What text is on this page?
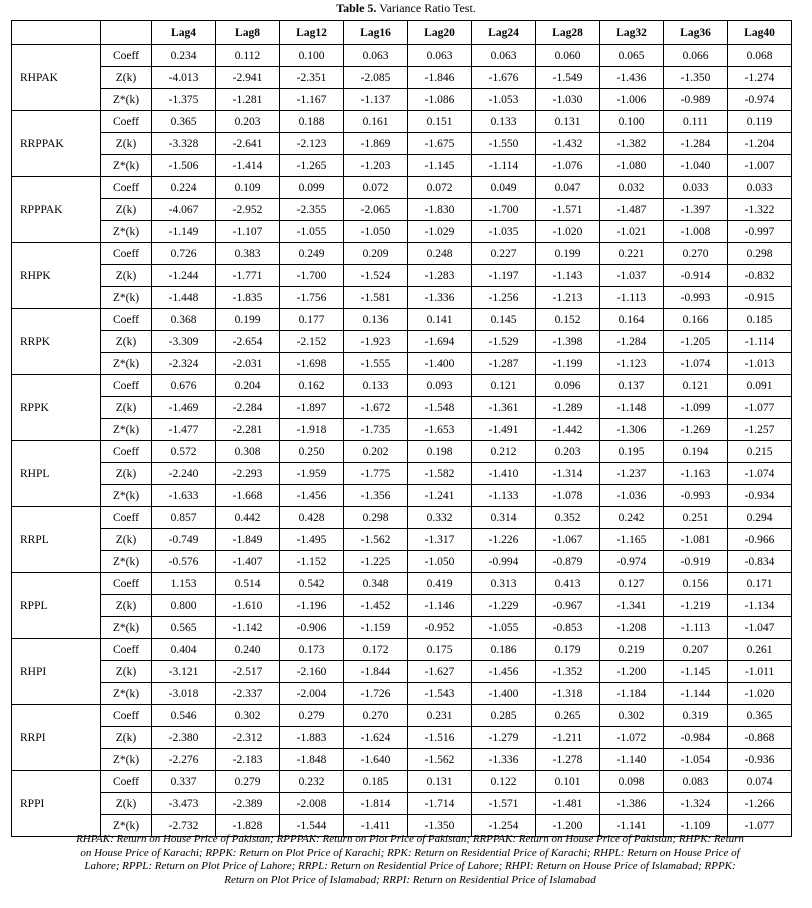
Table 5. Variance Ratio Test.
		Lag4	Lag8	Lag12	Lag16	Lag20	Lag24	Lag28	Lag32	Lag36	Lag40
RHPAK	Coeff	0.234	0.112	0.100	0.063	0.063	0.063	0.060	0.065	0.066	0.068
	Z(k)	-4.013	-2.941	-2.351	-2.085	-1.846	-1.676	-1.549	-1.436	-1.350	-1.274
	Z*(k)	-1.375	-1.281	-1.167	-1.137	-1.086	-1.053	-1.030	-1.006	-0.989	-0.974
RRPPAK	Coeff	0.365	0.203	0.188	0.161	0.151	0.133	0.131	0.100	0.111	0.119
	Z(k)	-3.328	-2.641	-2.123	-1.869	-1.675	-1.550	-1.432	-1.382	-1.284	-1.204
	Z*(k)	-1.506	-1.414	-1.265	-1.203	-1.145	-1.114	-1.076	-1.080	-1.040	-1.007
RPPPAK	Coeff	0.224	0.109	0.099	0.072	0.072	0.049	0.047	0.032	0.033	0.033
	Z(k)	-4.067	-2.952	-2.355	-2.065	-1.830	-1.700	-1.571	-1.487	-1.397	-1.322
	Z*(k)	-1.149	-1.107	-1.055	-1.050	-1.029	-1.035	-1.020	-1.021	-1.008	-0.997
RHPK	Coeff	0.726	0.383	0.249	0.209	0.248	0.227	0.199	0.221	0.270	0.298
	Z(k)	-1.244	-1.771	-1.700	-1.524	-1.283	-1.197	-1.143	-1.037	-0.914	-0.832
	Z*(k)	-1.448	-1.835	-1.756	-1.581	-1.336	-1.256	-1.213	-1.113	-0.993	-0.915
RRPK	Coeff	0.368	0.199	0.177	0.136	0.141	0.145	0.152	0.164	0.166	0.185
	Z(k)	-3.309	-2.654	-2.152	-1.923	-1.694	-1.529	-1.398	-1.284	-1.205	-1.114
	Z*(k)	-2.324	-2.031	-1.698	-1.555	-1.400	-1.287	-1.199	-1.123	-1.074	-1.013
RPPK	Coeff	0.676	0.204	0.162	0.133	0.093	0.121	0.096	0.137	0.121	0.091
	Z(k)	-1.469	-2.284	-1.897	-1.672	-1.548	-1.361	-1.289	-1.148	-1.099	-1.077
	Z*(k)	-1.477	-2.281	-1.918	-1.735	-1.653	-1.491	-1.442	-1.306	-1.269	-1.257
RHPL	Coeff	0.572	0.308	0.250	0.202	0.198	0.212	0.203	0.195	0.194	0.215
	Z(k)	-2.240	-2.293	-1.959	-1.775	-1.582	-1.410	-1.314	-1.237	-1.163	-1.074
	Z*(k)	-1.633	-1.668	-1.456	-1.356	-1.241	-1.133	-1.078	-1.036	-0.993	-0.934
RRPL	Coeff	0.857	0.442	0.428	0.298	0.332	0.314	0.352	0.242	0.251	0.294
	Z(k)	-0.749	-1.849	-1.495	-1.562	-1.317	-1.226	-1.067	-1.165	-1.081	-0.966
	Z*(k)	-0.576	-1.407	-1.152	-1.225	-1.050	-0.994	-0.879	-0.974	-0.919	-0.834
RPPL	Coeff	1.153	0.514	0.542	0.348	0.419	0.313	0.413	0.127	0.156	0.171
	Z(k)	0.800	-1.610	-1.196	-1.452	-1.146	-1.229	-0.967	-1.341	-1.219	-1.134
	Z*(k)	0.565	-1.142	-0.906	-1.159	-0.952	-1.055	-0.853	-1.208	-1.113	-1.047
RHPI	Coeff	0.404	0.240	0.173	0.172	0.175	0.186	0.179	0.219	0.207	0.261
	Z(k)	-3.121	-2.517	-2.160	-1.844	-1.627	-1.456	-1.352	-1.200	-1.145	-1.011
	Z*(k)	-3.018	-2.337	-2.004	-1.726	-1.543	-1.400	-1.318	-1.184	-1.144	-1.020
RRPI	Coeff	0.546	0.302	0.279	0.270	0.231	0.285	0.265	0.302	0.319	0.365
	Z(k)	-2.380	-2.312	-1.883	-1.624	-1.516	-1.279	-1.211	-1.072	-0.984	-0.868
	Z*(k)	-2.276	-2.183	-1.848	-1.640	-1.562	-1.336	-1.278	-1.140	-1.054	-0.936
RPPI	Coeff	0.337	0.279	0.232	0.185	0.131	0.122	0.101	0.098	0.083	0.074
	Z(k)	-3.473	-2.389	-2.008	-1.814	-1.714	-1.571	-1.481	-1.386	-1.324	-1.266
	Z*(k)	-2.732	-1.828	-1.544	-1.411	-1.350	-1.254	-1.200	-1.141	-1.109	-1.077
RHPAK: Return on House Price of Pakistan; RPPPAK: Return on Plot Price of Pakistan; RRPPAK: Return on House Price of Pakistan; RHPK: Return on House Price of Karachi; RPPK: Return on Plot Price of Karachi; RPK: Return on Residential Price of Karachi; RHPL: Return on House Price of Lahore; RPPL: Return on Plot Price of Lahore; RRPL: Return on Residential Price of Lahore; RHPI: Return on House Price of Islamabad; RPPK: Return on Plot Price of Islamabad; RRPI: Return on Residential Price of Islamabad
